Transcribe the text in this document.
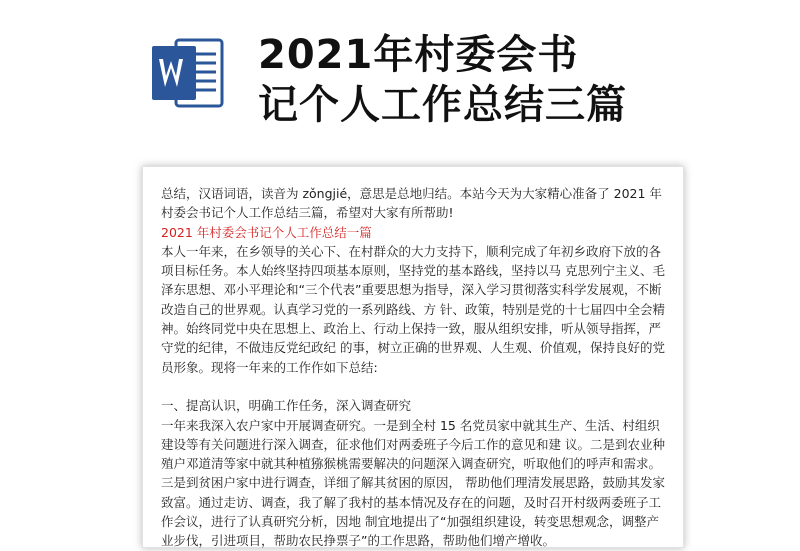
2021年村委会书
记个人工作总结三篇

总结，汉语词语，读音为 zǒngjié，意思是总地归结。本站今天为大家精心准备了 2021 年村委会书记个人工作总结三篇，希望对大家有所帮助!

2021 年村委会书记个人工作总结一篇

本人一年来，在乡领导的关心下、在村群众的大力支持下，顺利完成了年初乡政府下放的各项目标任务。本人始终坚持四项基本原则，坚持党的基本路线，坚持以马 克思列宁主义、毛泽东思想、邓小平理论和“三个代表”重要思想为指导，深入学习贯彻落实科学发展观，不断改造自己的世界观。认真学习党的一系列路线、方 针、政策，特别是党的十七届四中全会精神。始终同党中央在思想上、政治上、行动上保持一致，服从组织安排，听从领导指挥，严守党的纪律，不做违反党纪政纪 的事，树立正确的世界观、人生观、价值观，保持良好的党员形象。现将一年来的工作作如下总结:

一、提高认识，明确工作任务，深入调查研究

一年来我深入农户家中开展调查研究。一是到全村 15 名党员家中就其生产、生活、村组织建设等有关问题进行深入调查，征求他们对两委班子今后工作的意见和建 议。二是到农业种殖户邓道清等家中就其种植猕猴桃需要解决的问题深入调查研究，听取他们的呼声和需求。三是到贫困户家中进行调查，详细了解其贫困的原因， 帮助他们理清发展思路，鼓励其发家致富。通过走访、调查，我了解了我村的基本情况及存在的问题，及时召开村级两委班子工作会议，进行了认真研究分析，因地 制宜地提出了“加强组织建设，转变思想观念，调整产业步伐，引进项目，帮助农民挣票子”的工作思路，帮助他们增产增收。
